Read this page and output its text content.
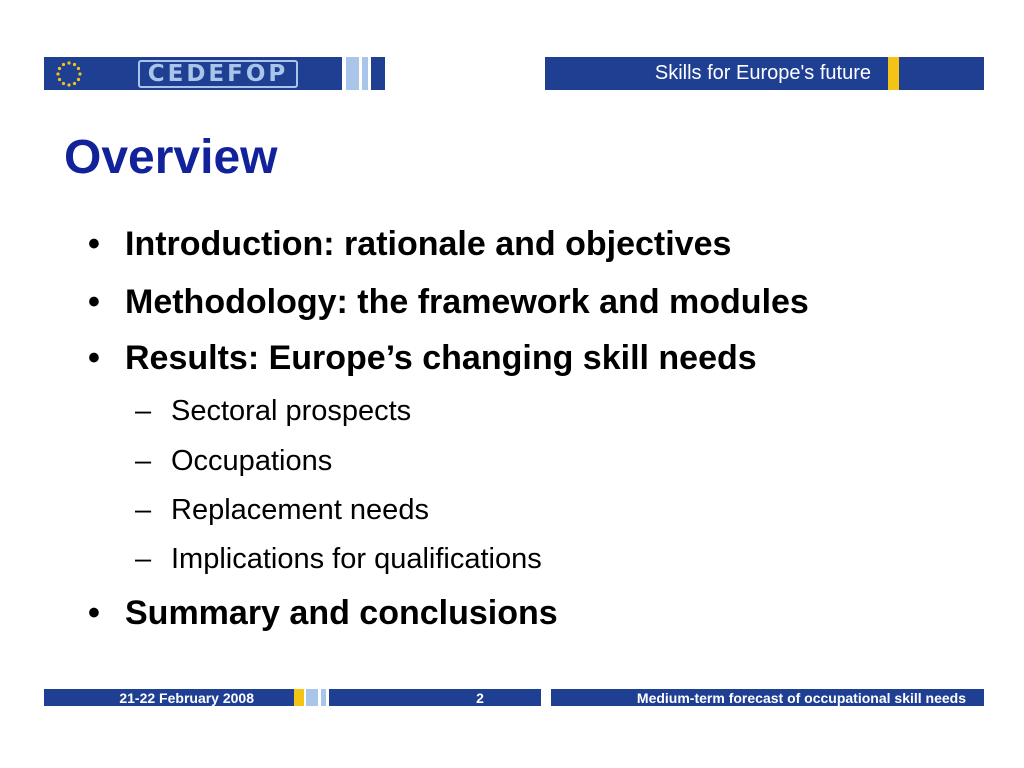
CEDEFOP	Skills for Europe's future
Overview
• Introduction: rationale and objectives
• Methodology: the framework and modules
• Results: Europe’s changing skill needs
– Sectoral prospects
– Occupations
– Replacement needs
– Implications for qualifications
• Summary and conclusions
21-22 February 2008	2	Medium-term forecast of occupational skill needs
